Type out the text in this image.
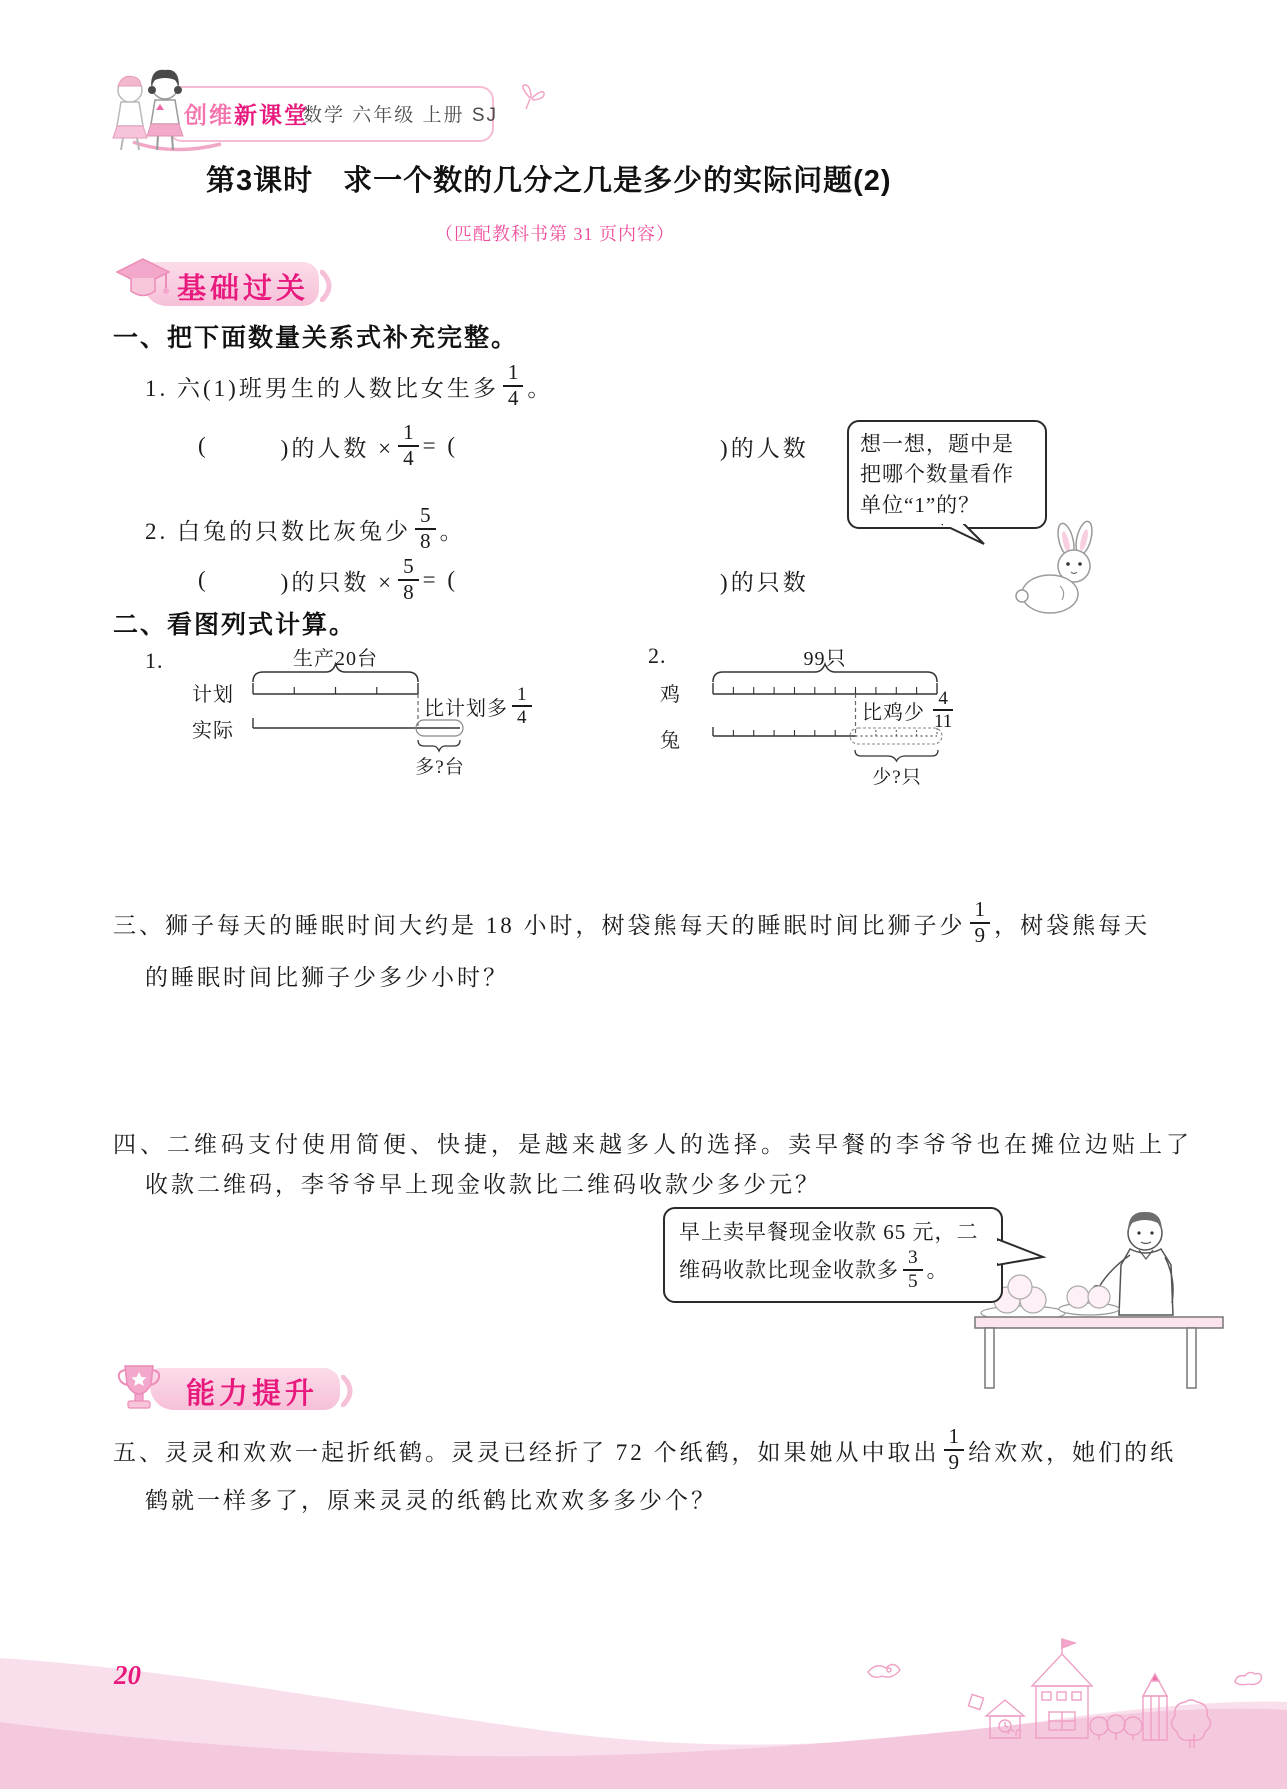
创维新课堂
数学 六年级 上册 SJ
第3课时　求一个数的几分之几是多少的实际问题(2)
（匹配教科书第 31 页内容）
基础过关
一、把下面数量关系式补充完整。
1. 六(1)班男生的人数比女生多 $\frac{1}{4}$ 。
(	)的人数 × $\frac{1}{4}$ = (	)的人数	想一想，题中是把哪个数量看作单位“1”的？
2. 白兔的只数比灰兔少 $\frac{5}{8}$ 。
(	)的只数 × $\frac{5}{8}$ = (	)的只数
二、看图列式计算。
1.	生产20台
计划
实际
比计划多 $\frac{1}{4}$
多?台
2.	99只
鸡
兔
比鸡少 $\frac{4}{11}$
少?只
三、狮子每天的睡眠时间大约是 18 小时，树袋熊每天的睡眠时间比狮子少 $\frac{1}{9}$ ，树袋熊每天
的睡眠时间比狮子少多少小时？
四、二维码支付使用简便、快捷，是越来越多人的选择。卖早餐的李爷爷也在摊位边贴上了
收款二维码，李爷爷早上现金收款比二维码收款少多少元？
早上卖早餐现金收款 65 元，二
维码收款比现金收款多 $\frac{3}{5}$ 。
能力提升
五、灵灵和欢欢一起折纸鹤。灵灵已经折了 72 个纸鹤，如果她从中取出 $\frac{1}{9}$ 给欢欢，她们的纸
鹤就一样多了，原来灵灵的纸鹤比欢欢多多少个？
20
